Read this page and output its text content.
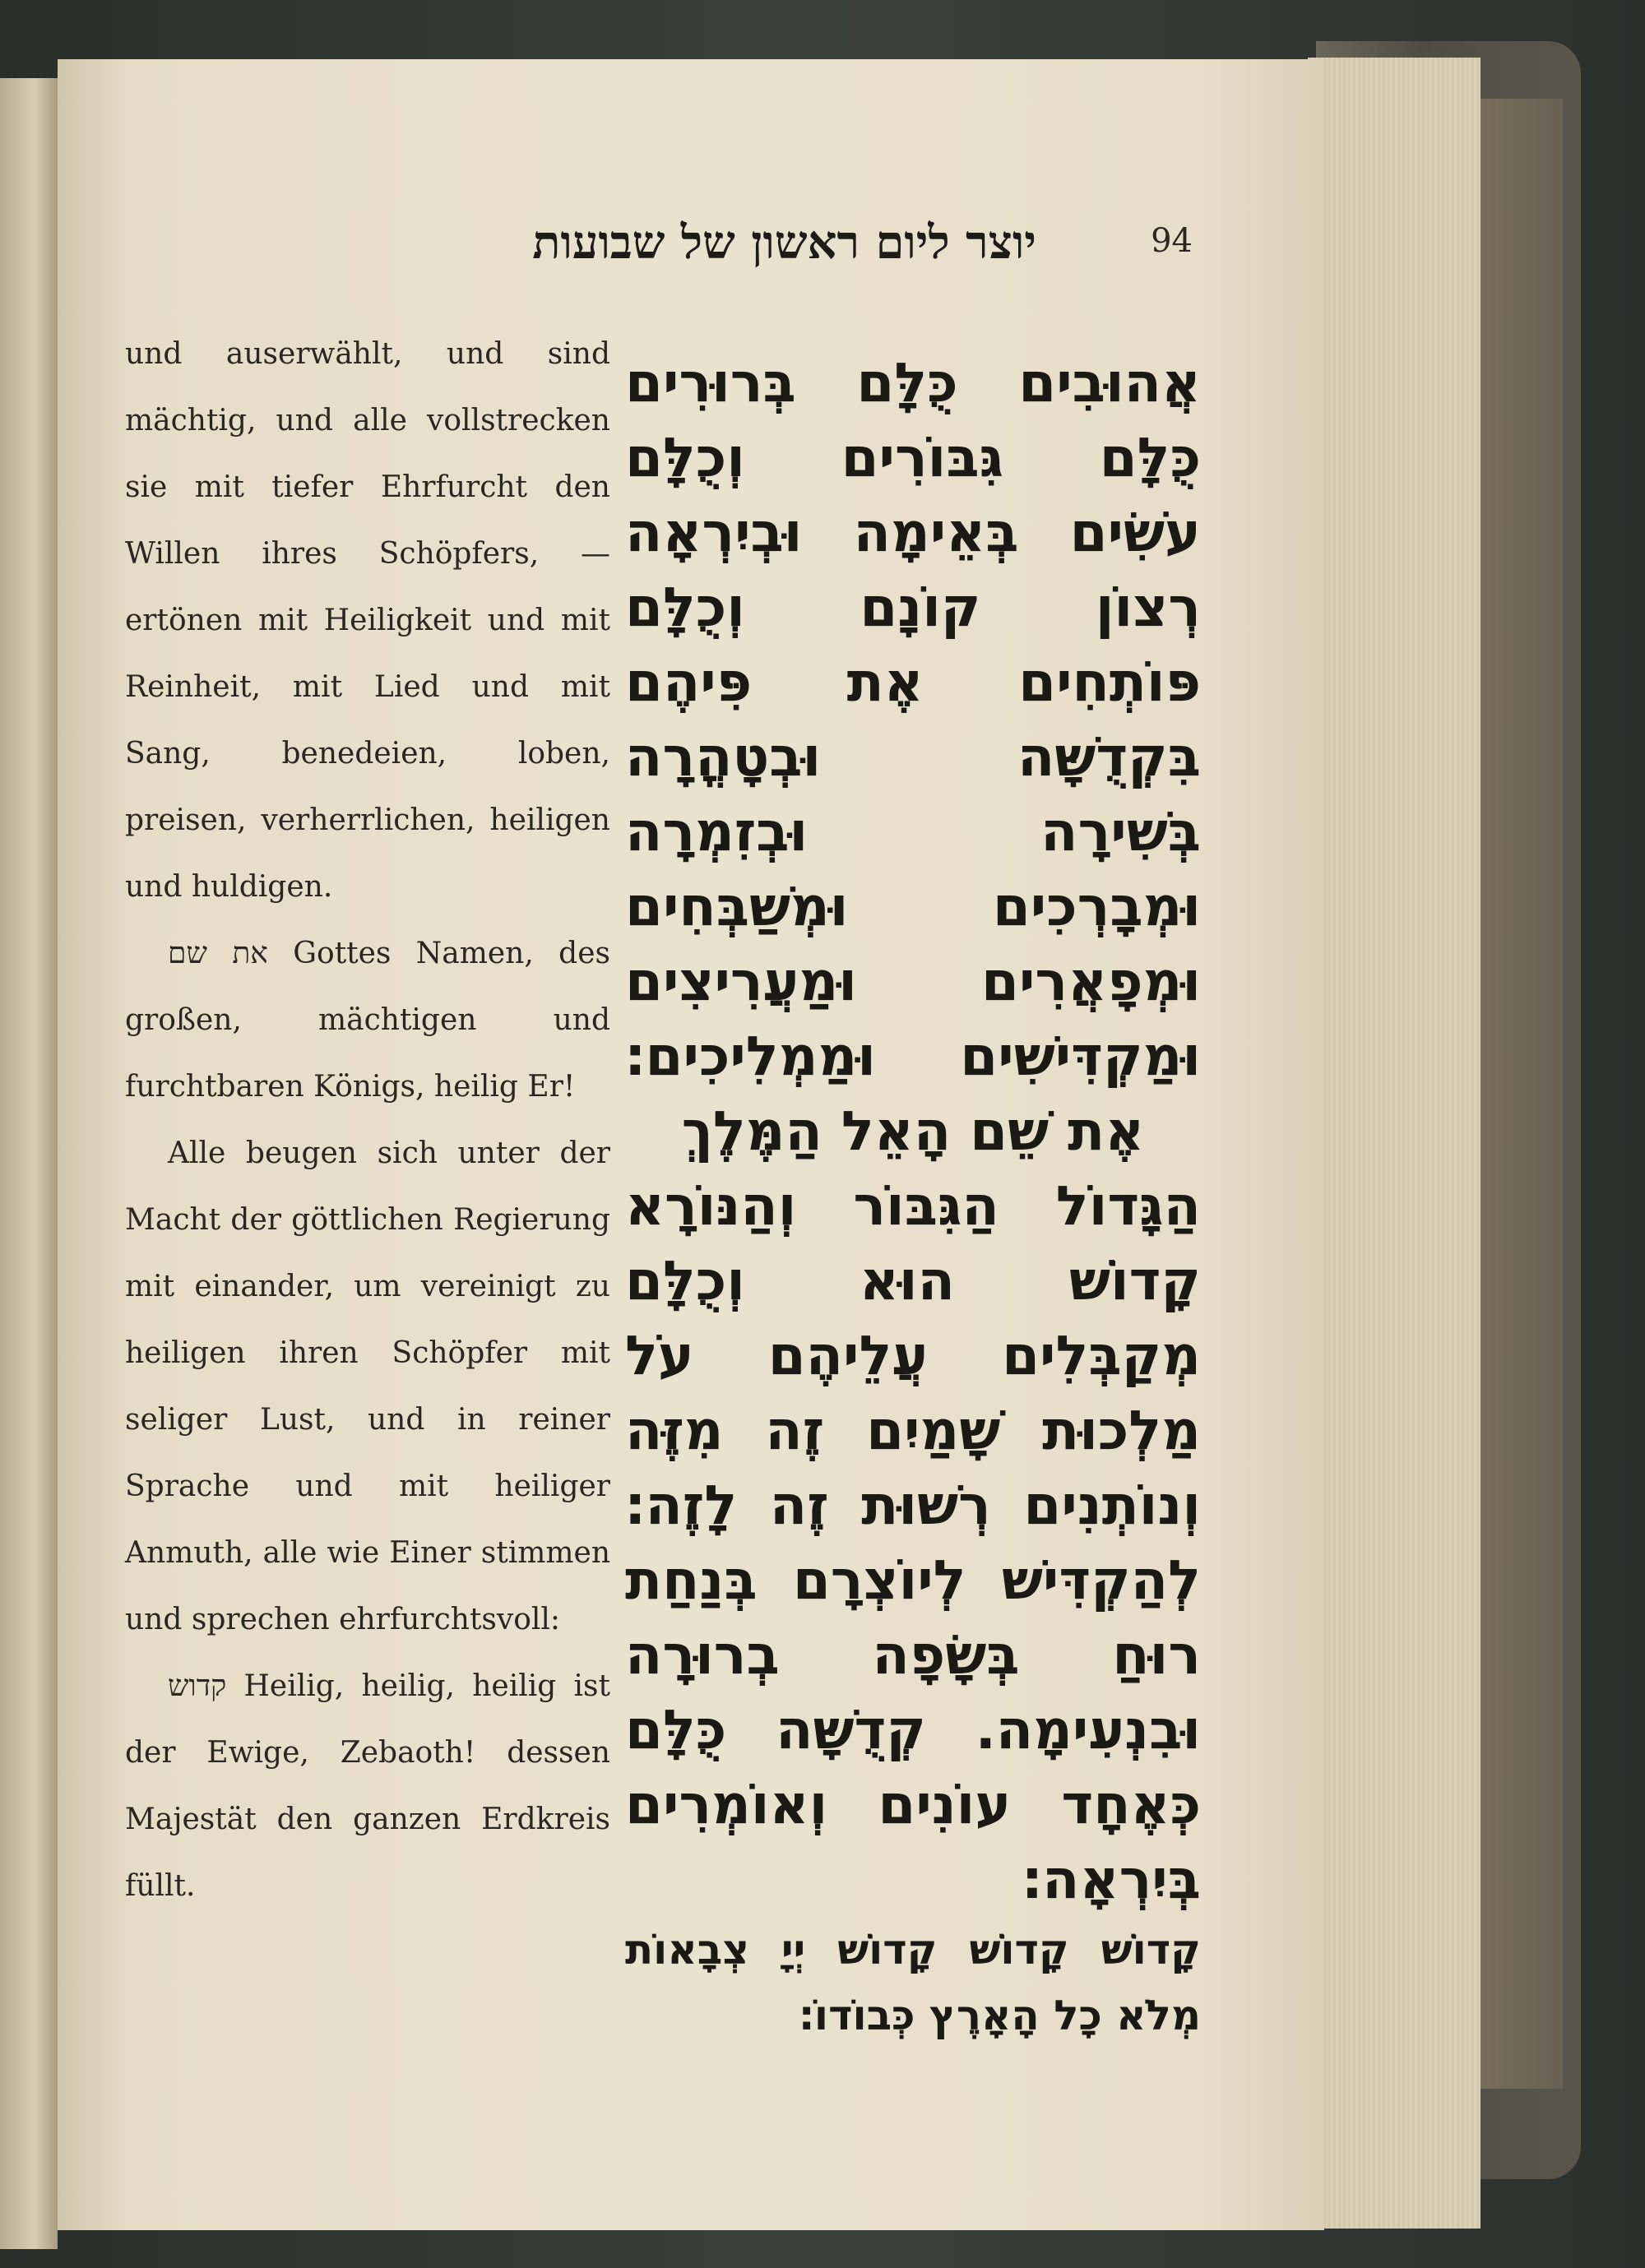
יוצר ליום ראשון של שבועות	94

und auserwählt, und sind mächtig, und alle vollstrecken sie mit tiefer Ehrfurcht den Willen ihres Schöpfers, — ertönen mit Heiligkeit und mit Reinheit, mit Lied und mit Sang, benedeien, loben, preisen, verherrlichen, heiligen und huldigen.

את שם Gottes Namen, des großen, mächtigen und furchtbaren Königs, heilig Er!

Alle beugen sich unter der Macht der göttlichen Regierung mit einander, um vereinigt zu heiligen ihren Schöpfer mit seliger Lust, und in reiner Sprache und mit heiliger Anmuth, alle wie Einer stimmen und sprechen ehrfurchtsvoll:

קדוש Heilig, heilig, heilig ist der Ewige, Zebaoth! dessen Majestät den ganzen Erdkreis füllt.

אֲהוּבִים כֻּלָּם בְּרוּרִים
כֻּלָּם גִּבּוֹרִים וְכֻלָּם
עֹשִׂים בְּאֵימָה וּבְיִרְאָה
רְצוֹן קוֹנָם וְכֻלָּם
פּוֹתְחִים אֶת פִּיהֶם
בִּקְדֻשָּׁה וּבְטָהֳרָה
בְּשִׁירָה וּבְזִמְרָה
וּמְבָרְכִים וּמְשַׁבְּחִים
וּמְפָאֲרִים וּמַעֲרִיצִים
וּמַקְדִּישִׁים וּמַמְלִיכִים׃
אֶת שֵׁם הָאֵל הַמֶּלֶךְ
הַגָּדוֹל הַגִּבּוֹר וְהַנּוֹרָא
קָדוֹשׁ הוּא וְכֻלָּם
מְקַבְּלִים עֲלֵיהֶם עֹל
מַלְכוּת שָׁמַיִם זֶה מִזֶּה
וְנוֹתְנִים רְשׁוּת זֶה לָזֶה׃
לְהַקְדִּישׁ לְיוֹצְרָם בְּנַחַת
רוּחַ בְּשָׂפָה בְרוּרָה
וּבִנְעִימָה. קְדֻשָּׁה כֻּלָּם
כְּאֶחָד עוֹנִים וְאוֹמְרִים
בְּיִרְאָה׃
קָדוֹשׁ קָדוֹשׁ קָדוֹשׁ יְיָ צְבָאוֹת
מְלֹא כָל הָאָרֶץ כְּבוֹדוֹ׃
